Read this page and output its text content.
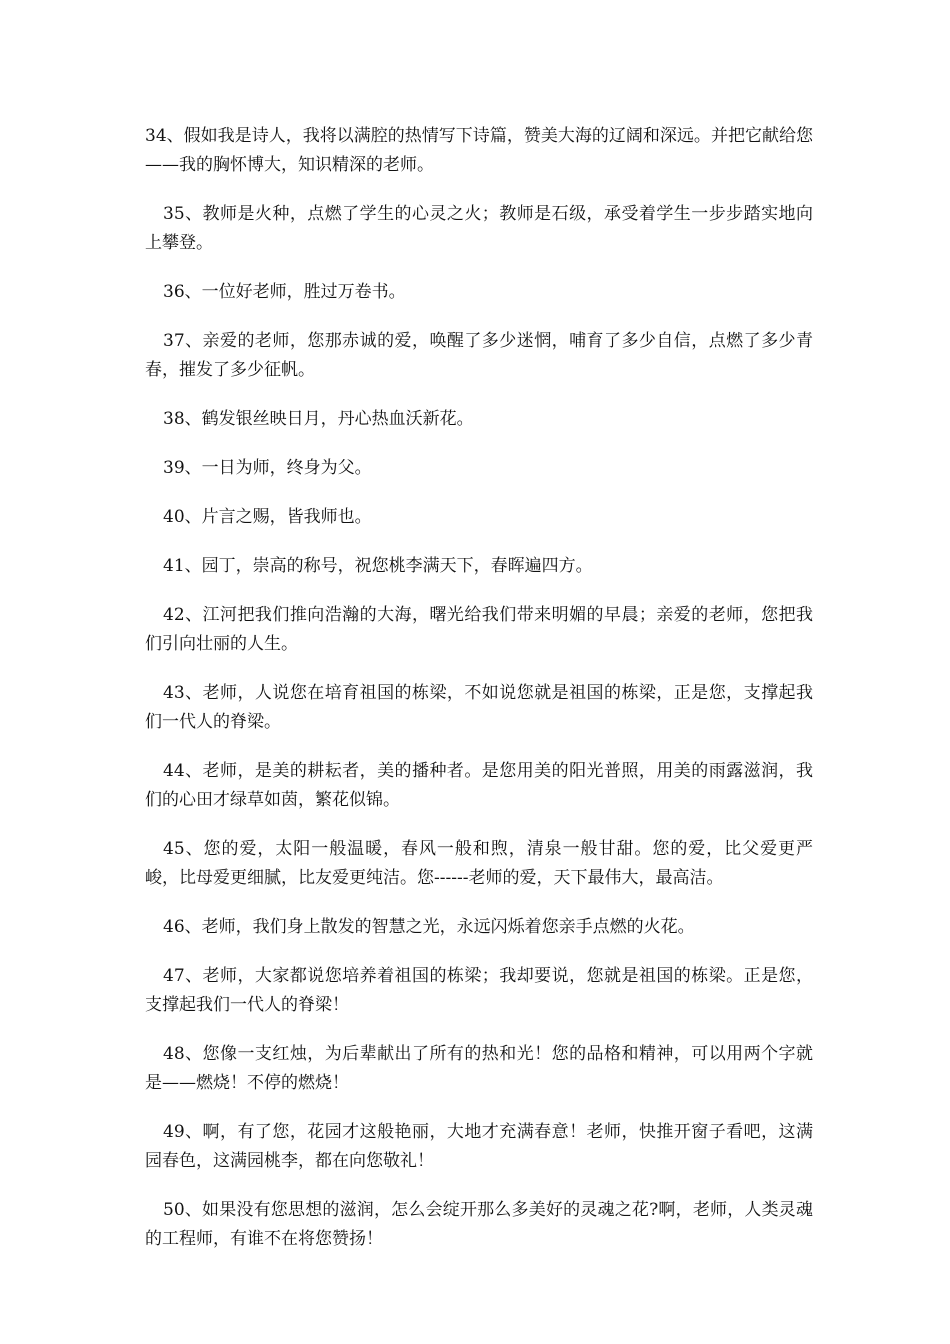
34、假如我是诗人，我将以满腔的热情写下诗篇，赞美大海的辽阔和深远。并把它献给您——我的胸怀博大，知识精深的老师。

35、教师是火种，点燃了学生的心灵之火；教师是石级，承受着学生一步步踏实地向上攀登。

36、一位好老师，胜过万卷书。

37、亲爱的老师，您那赤诚的爱，唤醒了多少迷惘，哺育了多少自信，点燃了多少青春，摧发了多少征帆。

38、鹤发银丝映日月，丹心热血沃新花。

39、一日为师，终身为父。

40、片言之赐，皆我师也。

41、园丁，崇高的称号，祝您桃李满天下，春晖遍四方。

42、江河把我们推向浩瀚的大海，曙光给我们带来明媚的早晨；亲爱的老师，您把我们引向壮丽的人生。

43、老师，人说您在培育祖国的栋梁，不如说您就是祖国的栋梁，正是您，支撑起我们一代人的脊梁。

44、老师，是美的耕耘者，美的播种者。是您用美的阳光普照，用美的雨露滋润，我们的心田才绿草如茵，繁花似锦。

45、您的爱，太阳一般温暖，春风一般和煦，清泉一般甘甜。您的爱，比父爱更严峻，比母爱更细腻，比友爱更纯洁。您------老师的爱，天下最伟大，最高洁。

46、老师，我们身上散发的智慧之光，永远闪烁着您亲手点燃的火花。

47、老师，大家都说您培养着祖国的栋梁；我却要说，您就是祖国的栋梁。正是您，支撑起我们一代人的脊梁！

48、您像一支红烛，为后辈献出了所有的热和光！您的品格和精神，可以用两个字就是——燃烧！不停的燃烧！

49、啊，有了您，花园才这般艳丽，大地才充满春意！老师，快推开窗子看吧，这满园春色，这满园桃李，都在向您敬礼！

50、如果没有您思想的滋润，怎么会绽开那么多美好的灵魂之花?啊，老师，人类灵魂的工程师，有谁不在将您赞扬！
